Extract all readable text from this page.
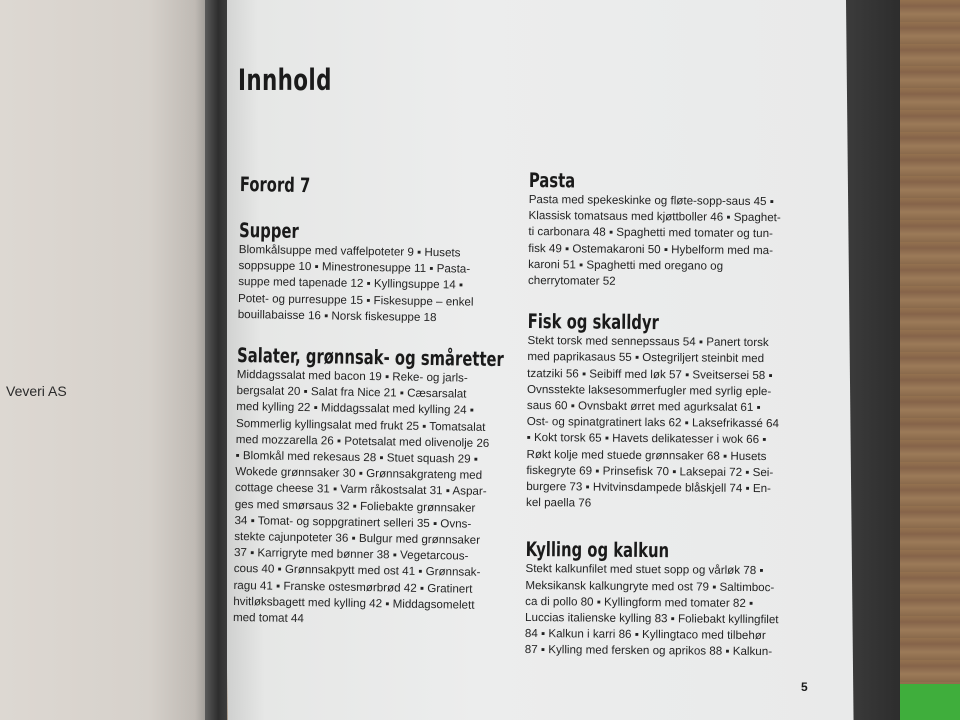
Veveri AS
Innhold
Forord 7
Supper
Blomkålsuppe med vaffelpoteter 9 ▪ Husets
soppsuppe 10 ▪ Minestronesuppe 11 ▪ Pasta-
suppe med tapenade 12 ▪ Kyllingsuppe 14 ▪
Potet- og purresuppe 15 ▪ Fiskesuppe – enkel
bouillabaisse 16 ▪ Norsk fiskesuppe 18
Salater, grønnsak- og småretter
Middagssalat med bacon 19 ▪ Reke- og jarls-
bergsalat 20 ▪ Salat fra Nice 21 ▪ Cæsarsalat
med kylling 22 ▪ Middagssalat med kylling 24 ▪
Sommerlig kyllingsalat med frukt 25 ▪ Tomatsalat
med mozzarella 26 ▪ Potetsalat med olivenolje 26
▪ Blomkål med rekesaus 28 ▪ Stuet squash 29 ▪
Wokede grønnsaker 30 ▪ Grønnsakgrateng med
cottage cheese 31 ▪ Varm råkostsalat 31 ▪ Aspar-
ges med smørsaus 32 ▪ Foliebakte grønnsaker
34 ▪ Tomat- og soppgratinert selleri 35 ▪ Ovns-
stekte cajunpoteter 36 ▪ Bulgur med grønnsaker
37 ▪ Karrigryte med bønner 38 ▪ Vegetarcous-
cous 40 ▪ Grønnsakpytt med ost 41 ▪ Grønnsak-
ragu 41 ▪ Franske ostesmørbrød 42 ▪ Gratinert
hvitløksbagett med kylling 42 ▪ Middagsomelett
med tomat 44
Pasta
Pasta med spekeskinke og fløte-sopp-saus 45 ▪
Klassisk tomatsaus med kjøttboller 46 ▪ Spaghet-
ti carbonara 48 ▪ Spaghetti med tomater og tun-
fisk 49 ▪ Ostemakaroni 50 ▪ Hybelform med ma-
karoni 51 ▪ Spaghetti med oregano og
cherrytomater 52
Fisk og skalldyr
Stekt torsk med sennepssaus 54 ▪ Panert torsk
med paprikasaus 55 ▪ Ostegriljert steinbit med
tzatziki 56 ▪ Seibiff med løk 57 ▪ Sveitsersei 58 ▪
Ovnsstekte laksesommerfugler med syrlig eple-
saus 60 ▪ Ovnsbakt ørret med agurksalat 61 ▪
Ost- og spinatgratinert laks 62 ▪ Laksefrikassé 64
▪ Kokt torsk 65 ▪ Havets delikatesser i wok 66 ▪
Røkt kolje med stuede grønnsaker 68 ▪ Husets
fiskegryte 69 ▪ Prinsefisk 70 ▪ Laksepai 72 ▪ Sei-
burgere 73 ▪ Hvitvinsdampede blåskjell 74 ▪ En-
kel paella 76
Kylling og kalkun
Stekt kalkunfilet med stuet sopp og vårløk 78 ▪
Meksikansk kalkungryte med ost 79 ▪ Saltimboc-
ca di pollo 80 ▪ Kyllingform med tomater 82 ▪
Luccias italienske kylling 83 ▪ Foliebakt kyllingfilet
84 ▪ Kalkun i karri 86 ▪ Kyllingtaco med tilbehør
87 ▪ Kylling med fersken og aprikos 88 ▪ Kalkun-
5
